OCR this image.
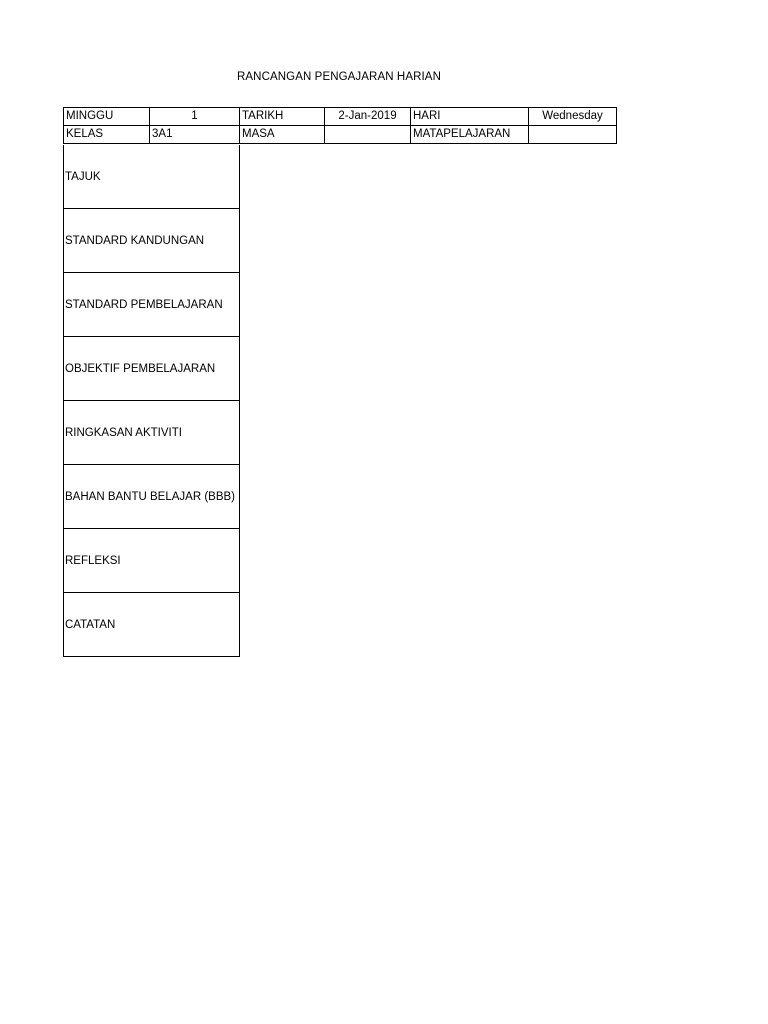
RANCANGAN PENGAJARAN HARIAN
MINGGU	1	TARIKH	2-Jan-2019	HARI	Wednesday
KELAS	3A1	MASA		MATAPELAJARAN	
TAJUK
STANDARD KANDUNGAN
STANDARD PEMBELAJARAN
OBJEKTIF PEMBELAJARAN
RINGKASAN AKTIVITI
BAHAN BANTU BELAJAR (BBB)
REFLEKSI
CATATAN
